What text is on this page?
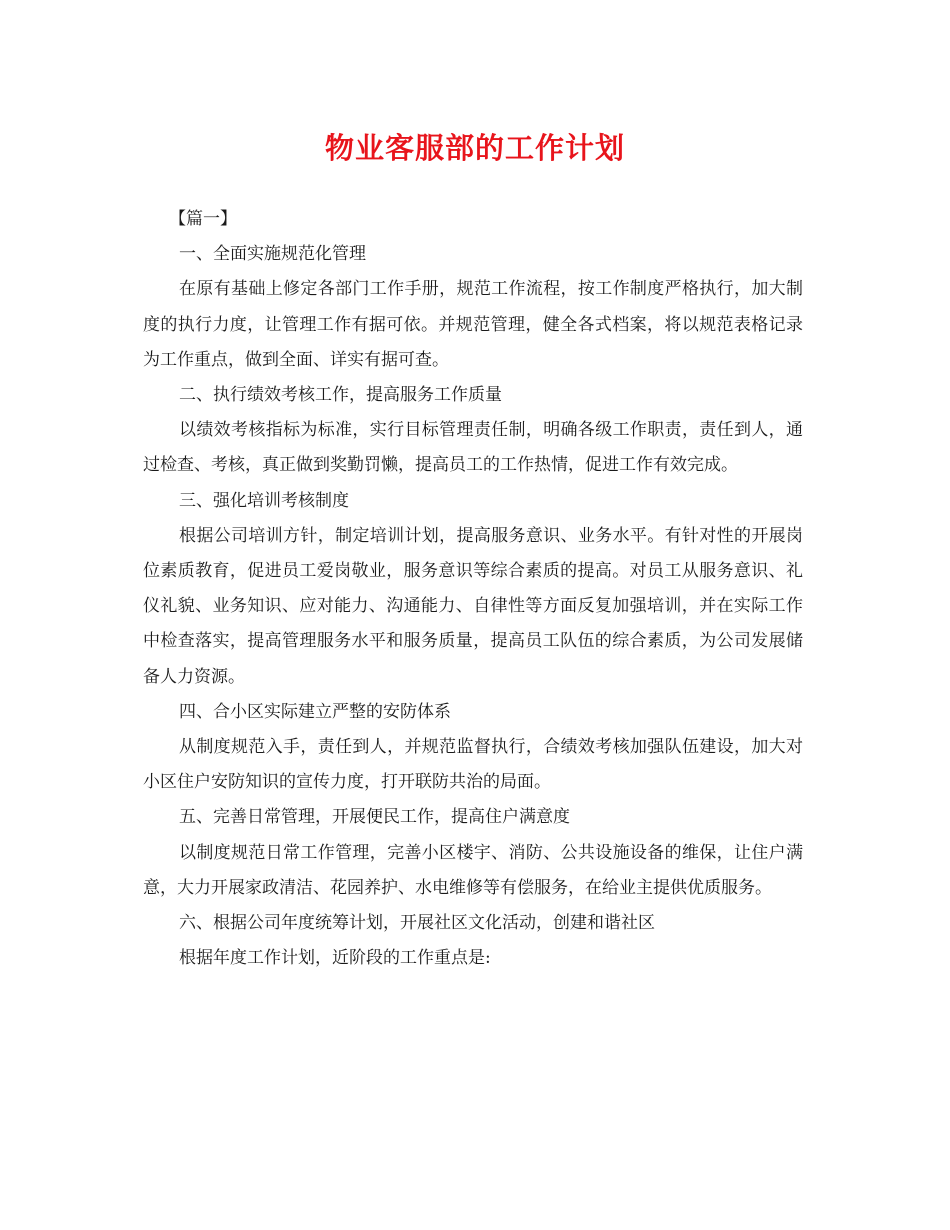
物业客服部的工作计划

【篇一】

一、全面实施规范化管理

在原有基础上修定各部门工作手册，规范工作流程，按工作制度严格执行，加大制度的执行力度，让管理工作有据可依。并规范管理，健全各式档案，将以规范表格记录为工作重点，做到全面、详实有据可查。

二、执行绩效考核工作，提高服务工作质量

以绩效考核指标为标准，实行目标管理责任制，明确各级工作职责，责任到人，通过检查、考核，真正做到奖勤罚懒，提高员工的工作热情，促进工作有效完成。

三、强化培训考核制度

根据公司培训方针，制定培训计划，提高服务意识、业务水平。有针对性的开展岗位素质教育，促进员工爱岗敬业，服务意识等综合素质的提高。对员工从服务意识、礼仪礼貌、业务知识、应对能力、沟通能力、自律性等方面反复加强培训，并在实际工作中检查落实，提高管理服务水平和服务质量，提高员工队伍的综合素质，为公司发展储备人力资源。

四、合小区实际建立严整的安防体系

从制度规范入手，责任到人，并规范监督执行，合绩效考核加强队伍建设，加大对小区住户安防知识的宣传力度，打开联防共治的局面。

五、完善日常管理，开展便民工作，提高住户满意度

以制度规范日常工作管理，完善小区楼宇、消防、公共设施设备的维保，让住户满意，大力开展家政清洁、花园养护、水电维修等有偿服务，在给业主提供优质服务。

六、根据公司年度统筹计划，开展社区文化活动，创建和谐社区

根据年度工作计划，近阶段的工作重点是:
